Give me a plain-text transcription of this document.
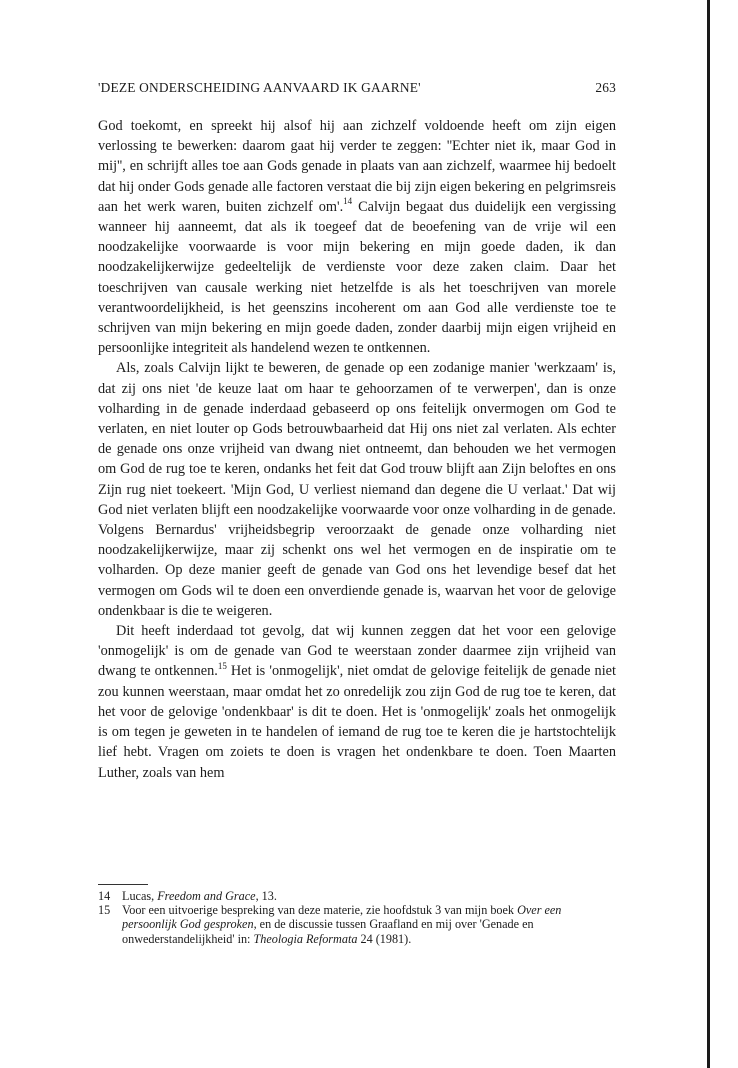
'DEZE ONDERSCHEIDING AANVAARD IK GAARNE'	263

God toekomt, en spreekt hij alsof hij aan zichzelf voldoende heeft om zijn eigen verlossing te bewerken: daarom gaat hij verder te zeggen: ''Echter niet ik, maar God in mij'', en schrijft alles toe aan Gods genade in plaats van aan zichzelf, waarmee hij bedoelt dat hij onder Gods genade alle factoren verstaat die bij zijn eigen bekering en pelgrimsreis aan het werk waren, buiten zichzelf om'.$^{14}$ Calvijn begaat dus duidelijk een vergissing wanneer hij aanneemt, dat als ik toegeef dat de beoefening van de vrije wil een noodzakelijke voorwaarde is voor mijn bekering en mijn goede daden, ik dan noodzakelijkerwijze gedeeltelijk de verdienste voor deze zaken claim. Daar het toeschrijven van causale werking niet hetzelfde is als het toeschrijven van morele verantwoordelijkheid, is het geenszins incoherent om aan God alle verdienste toe te schrijven van mijn bekering en mijn goede daden, zonder daarbij mijn eigen vrijheid en persoonlijke integriteit als handelend wezen te ontkennen.

Als, zoals Calvijn lijkt te beweren, de genade op een zodanige manier 'werkzaam' is, dat zij ons niet 'de keuze laat om haar te gehoorzamen of te verwerpen', dan is onze volharding in de genade inderdaad gebaseerd op ons feitelijk onvermogen om God te verlaten, en niet louter op Gods betrouwbaarheid dat Hij ons niet zal verlaten. Als echter de genade ons onze vrijheid van dwang niet ontneemt, dan behouden we het vermogen om God de rug toe te keren, ondanks het feit dat God trouw blijft aan Zijn beloftes en ons Zijn rug niet toekeert. 'Mijn God, U verliest niemand dan degene die U verlaat.' Dat wij God niet verlaten blijft een noodzakelijke voorwaarde voor onze volharding in de genade. Volgens Bernardus' vrijheidsbegrip veroorzaakt de genade onze volharding niet noodzakelijkerwijze, maar zij schenkt ons wel het vermogen en de inspiratie om te volharden. Op deze manier geeft de genade van God ons het levendige besef dat het vermogen om Gods wil te doen een onverdiende genade is, waarvan het voor de gelovige ondenkbaar is die te weigeren.

Dit heeft inderdaad tot gevolg, dat wij kunnen zeggen dat het voor een gelovige 'onmogelijk' is om de genade van God te weerstaan zonder daarmee zijn vrijheid van dwang te ontkennen.$^{15}$ Het is 'onmogelijk', niet omdat de gelovige feitelijk de genade niet zou kunnen weerstaan, maar omdat het zo onredelijk zou zijn God de rug toe te keren, dat het voor de gelovige 'ondenkbaar' is dit te doen. Het is 'onmogelijk' zoals het onmogelijk is om tegen je geweten in te handelen of iemand de rug toe te keren die je hartstochtelijk lief hebt. Vragen om zoiets te doen is vragen het ondenkbare te doen. Toen Maarten Luther, zoals van hem

14 Lucas, Freedom and Grace, 13.
15 Voor een uitvoerige bespreking van deze materie, zie hoofdstuk 3 van mijn boek Over een persoonlijk God gesproken, en de discussie tussen Graafland en mij over 'Genade en onwederstandelijkheid' in: Theologia Reformata 24 (1981).
